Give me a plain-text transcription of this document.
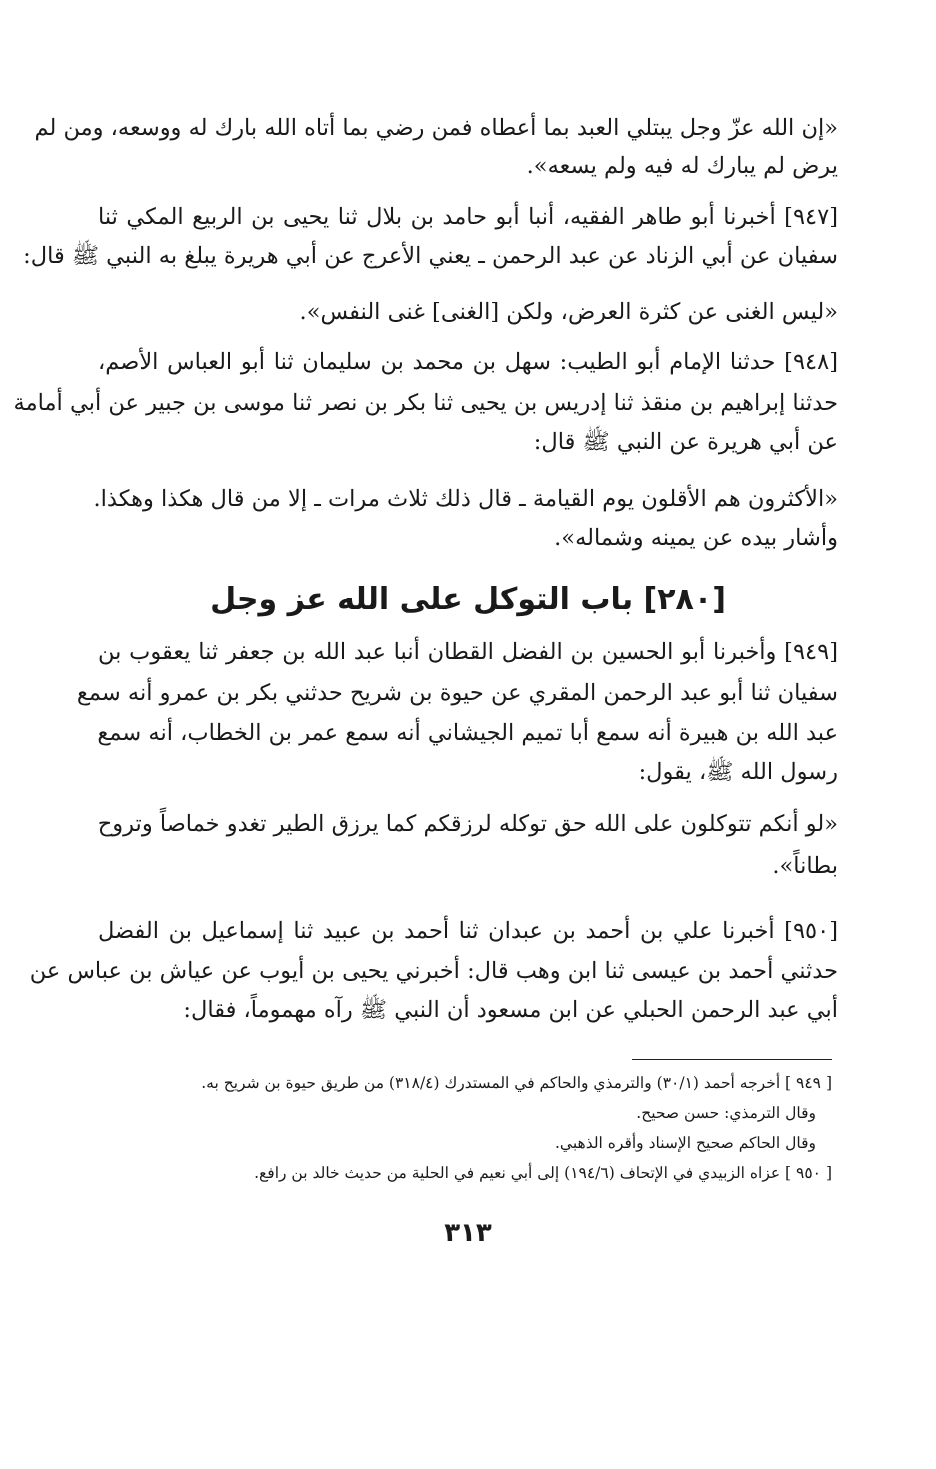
«إن الله عزّ وجل يبتلي العبد بما أعطاه فمن رضي بما أتاه الله بارك له ووسعه، ومن لم
يرض لم يبارك له فيه ولم يسعه».
[٩٤٧] أخبرنا أبو طاهر الفقيه، أنبا أبو حامد بن بلال ثنا يحيى بن الربيع المكي ثنا
سفيان عن أبي الزناد عن عبد الرحمن ـ يعني الأعرج عن أبي هريرة يبلغ به النبي ﷺ قال:
«ليس الغنى عن كثرة العرض، ولكن [الغنى] غنى النفس».
[٩٤٨] حدثنا الإمام أبو الطيب: سهل بن محمد بن سليمان ثنا أبو العباس الأصم،
حدثنا إبراهيم بن منقذ ثنا إدريس بن يحيى ثنا بكر بن نصر ثنا موسى بن جبير عن أبي أمامة
عن أبي هريرة عن النبي ﷺ قال:
«الأكثرون هم الأقلون يوم القيامة ـ قال ذلك ثلاث مرات ـ إلا من قال هكذا وهكذا.
وأشار بيده عن يمينه وشماله».
[٢٨٠] باب التوكل على الله عز وجل
[٩٤٩] وأخبرنا أبو الحسين بن الفضل القطان أنبا عبد الله بن جعفر ثنا يعقوب بن
سفيان ثنا أبو عبد الرحمن المقري عن حيوة بن شريح حدثني بكر بن عمرو أنه سمع
عبد الله بن هبيرة أنه سمع أبا تميم الجيشاني أنه سمع عمر بن الخطاب، أنه سمع
رسول الله ﷺ، يقول:
«لو أنكم تتوكلون على الله حق توكله لرزقكم كما يرزق الطير تغدو خماصاً وتروح
بطاناً».
[٩٥٠] أخبرنا علي بن أحمد بن عبدان ثنا أحمد بن عبيد ثنا إسماعيل بن الفضل
حدثني أحمد بن عيسى ثنا ابن وهب قال: أخبرني يحيى بن أيوب عن عياش بن عباس عن
أبي عبد الرحمن الحبلي عن ابن مسعود أن النبي ﷺ رآه مهموماً، فقال:
[ ٩٤٩ ] أخرجه أحمد (٣٠/١) والترمذي والحاكم في المستدرك (٣١٨/٤) من طريق حيوة بن شريح به.
وقال الترمذي: حسن صحيح.
وقال الحاكم صحيح الإسناد وأقره الذهبي.
[ ٩٥٠ ] عزاه الزبيدي في الإتحاف (١٩٤/٦) إلى أبي نعيم في الحلية من حديث خالد بن رافع.
٣١٣
